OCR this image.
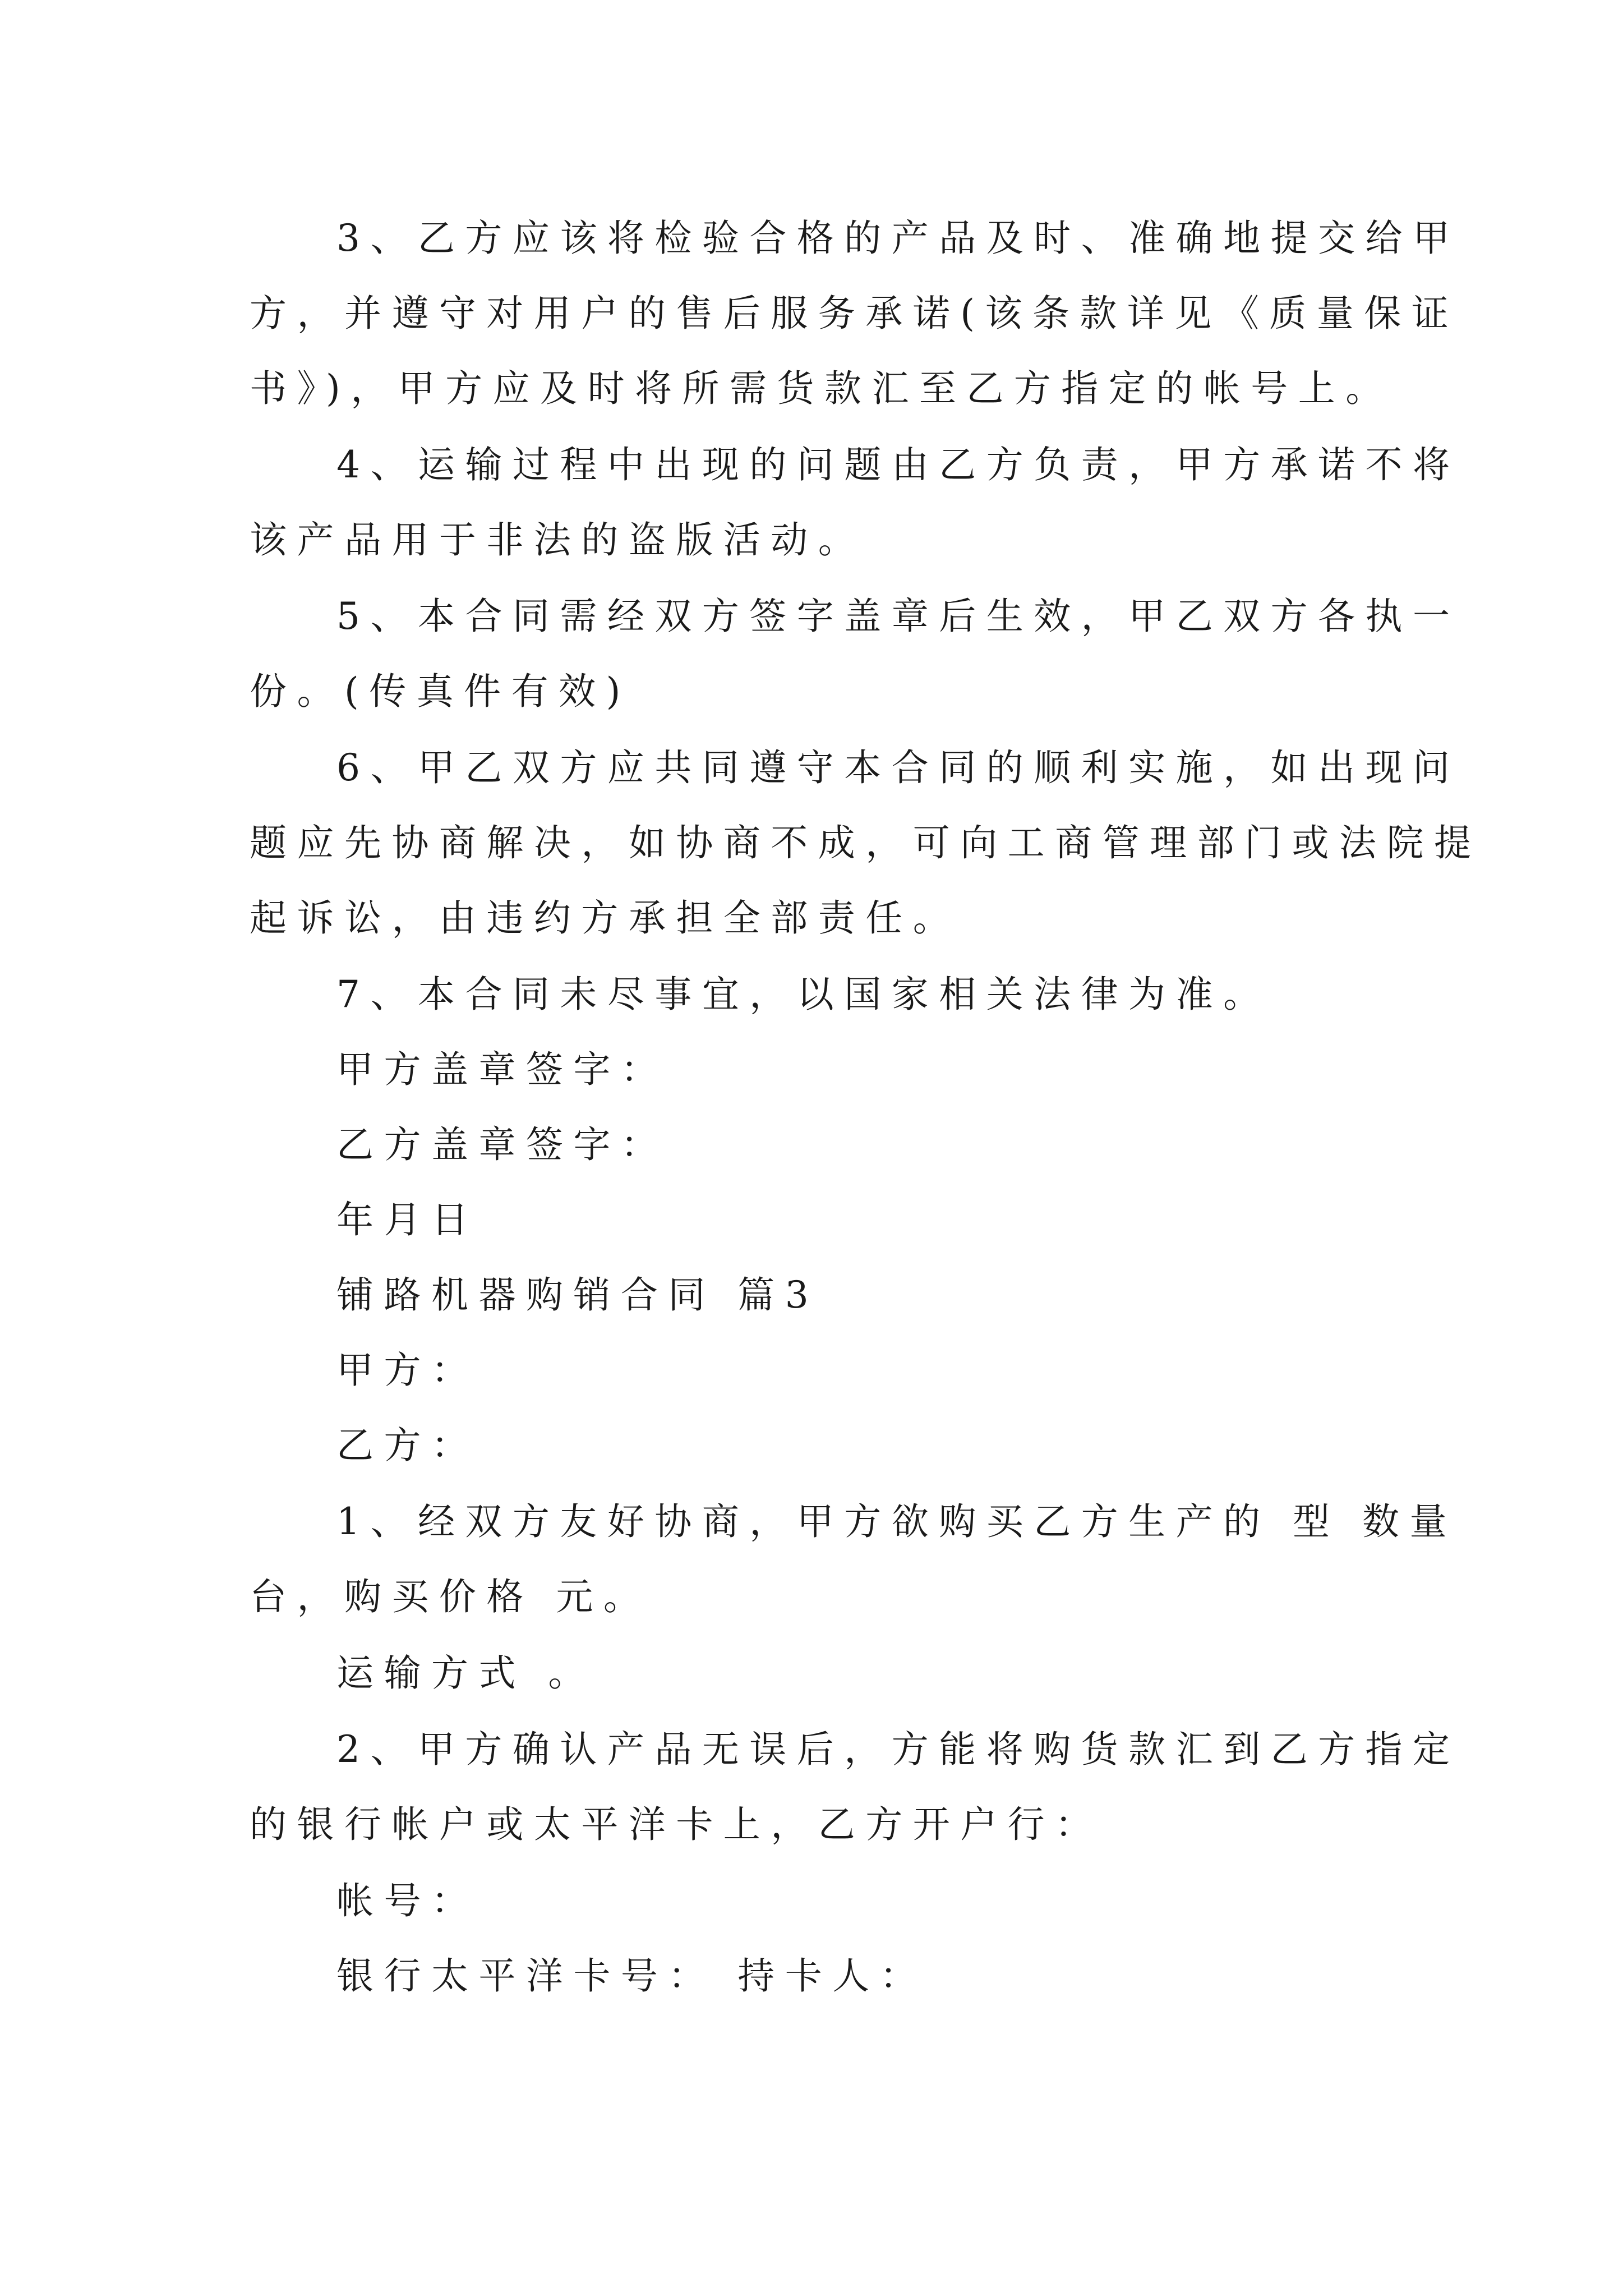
3、乙方应该将检验合格的产品及时、准确地提交给甲

方，并遵守对用户的售后服务承诺(该条款详见《质量保证

书》)，甲方应及时将所需货款汇至乙方指定的帐号上。

4、运输过程中出现的问题由乙方负责，甲方承诺不将

该产品用于非法的盗版活动。

5、本合同需经双方签字盖章后生效，甲乙双方各执一

份。(传真件有效)

6、甲乙双方应共同遵守本合同的顺利实施，如出现问

题应先协商解决，如协商不成，可向工商管理部门或法院提

起诉讼，由违约方承担全部责任。

7、本合同未尽事宜，以国家相关法律为准。

甲方盖章签字：

乙方盖章签字：

年月日

铺路机器购销合同 篇3

甲方：

乙方：

1、经双方友好协商，甲方欲购买乙方生产的 型 数量

台，购买价格 元。

运输方式 。

2、甲方确认产品无误后，方能将购货款汇到乙方指定

的银行帐户或太平洋卡上，乙方开户行：

帐号：

银行太平洋卡号： 持卡人：
